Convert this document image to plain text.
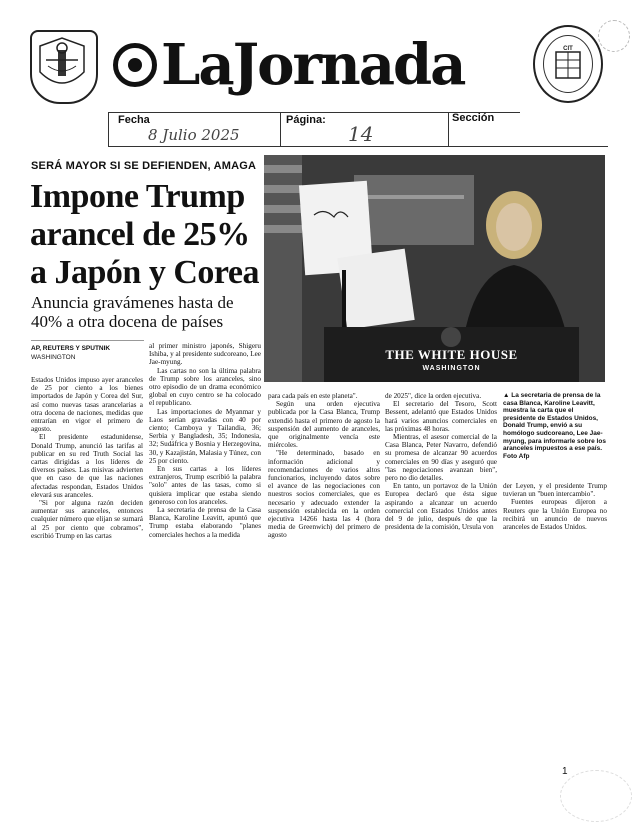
LaJornada	CIT
Fecha
8 Julio 2025
Página:
14
Sección
SERÁ MAYOR SI SE DEFIENDEN, AMAGA
Impone Trump arancel de 25% a Japón y Corea
Anuncia gravámenes hasta de 40% a otra docena de países
AP, REUTERS Y SPUTNIK
WASHINGTON

Estados Unidos impuso ayer aranceles de 25 por ciento a los bienes importados de Japón y Corea del Sur, así como nuevas tasas arancelarias a otra docena de naciones, medidas que entrarían en vigor el primero de agosto.

El presidente estadunidense, Donald Trump, anunció las tarifas al publicar en su red Truth Social las cartas dirigidas a los líderes de diversos países. Las misivas advierten que en caso de que las naciones afectadas respondan, Estados Unidos elevará sus aranceles.

"Si por alguna razón deciden aumentar sus aranceles, entonces cualquier número que elijan se sumará al 25 por ciento que cobramos", escribió Trump en las cartas

al primer ministro japonés, Shigeru Ishiba, y al presidente sudcoreano, Lee Jae-myung.

Las cartas no son la última palabra de Trump sobre los aranceles, sino otro episodio de un drama económico global en cuyo centro se ha colocado el republicano.

Las importaciones de Myanmar y Laos serían gravadas con 40 por ciento; Camboya y Tailandia, 36; Serbia y Bangladesh, 35; Indonesia, 32; Sudáfrica y Bosnia y Herzegovina, 30, y Kazajistán, Malasia y Túnez, con 25 por ciento.

En sus cartas a los líderes extranjeros, Trump escribió la palabra "solo" antes de las tasas, como si quisiera implicar que estaba siendo generoso con los aranceles.

La secretaria de prensa de la Casa Blanca, Karoline Leavitt, apuntó que Trump estaba elaborando "planes comerciales hechos a la medida

THE WHITE HOUSE
WASHINGTON

para cada país en este planeta".

Según una orden ejecutiva publicada por la Casa Blanca, Trump extendió hasta el primero de agosto la suspensión del aumento de aranceles, que originalmente vencía este miércoles.

"He determinado, basado en información adicional y recomendaciones de varios altos funcionarios, incluyendo datos sobre el avance de las negociaciones con nuestros socios comerciales, que es necesario y adecuado extender la suspensión establecida en la orden ejecutiva 14266 hasta las 4 (hora media de Greenwich) del primero de agosto

de 2025", dice la orden ejecutiva.

El secretario del Tesoro, Scott Bessent, adelantó que Estados Unidos hará varios anuncios comerciales en las próximas 48 horas.

Mientras, el asesor comercial de la Casa Blanca, Peter Navarro, defendió su promesa de alcanzar 90 acuerdos comerciales en 90 días y aseguró que "las negociaciones avanzan bien", pero no dio detalles.

En tanto, un portavoz de la Unión Europea declaró que ésta sigue aspirando a alcanzar un acuerdo comercial con Estados Unidos antes del 9 de julio, después de que la presidenta de la comisión, Ursula von

▲ La secretaria de prensa de la casa Blanca, Karoline Leavitt, muestra la carta que el presidente de Estados Unidos, Donald Trump, envió a su homólogo sudcoreano, Lee Jae-myung, para informarle sobre los aranceles impuestos a ese país. Foto Afp

der Leyen, y el presidente Trump tuvieran un "buen intercambio".

Fuentes europeas dijeron a Reuters que la Unión Europea no recibirá un anuncio de nuevos aranceles de Estados Unidos.

1
